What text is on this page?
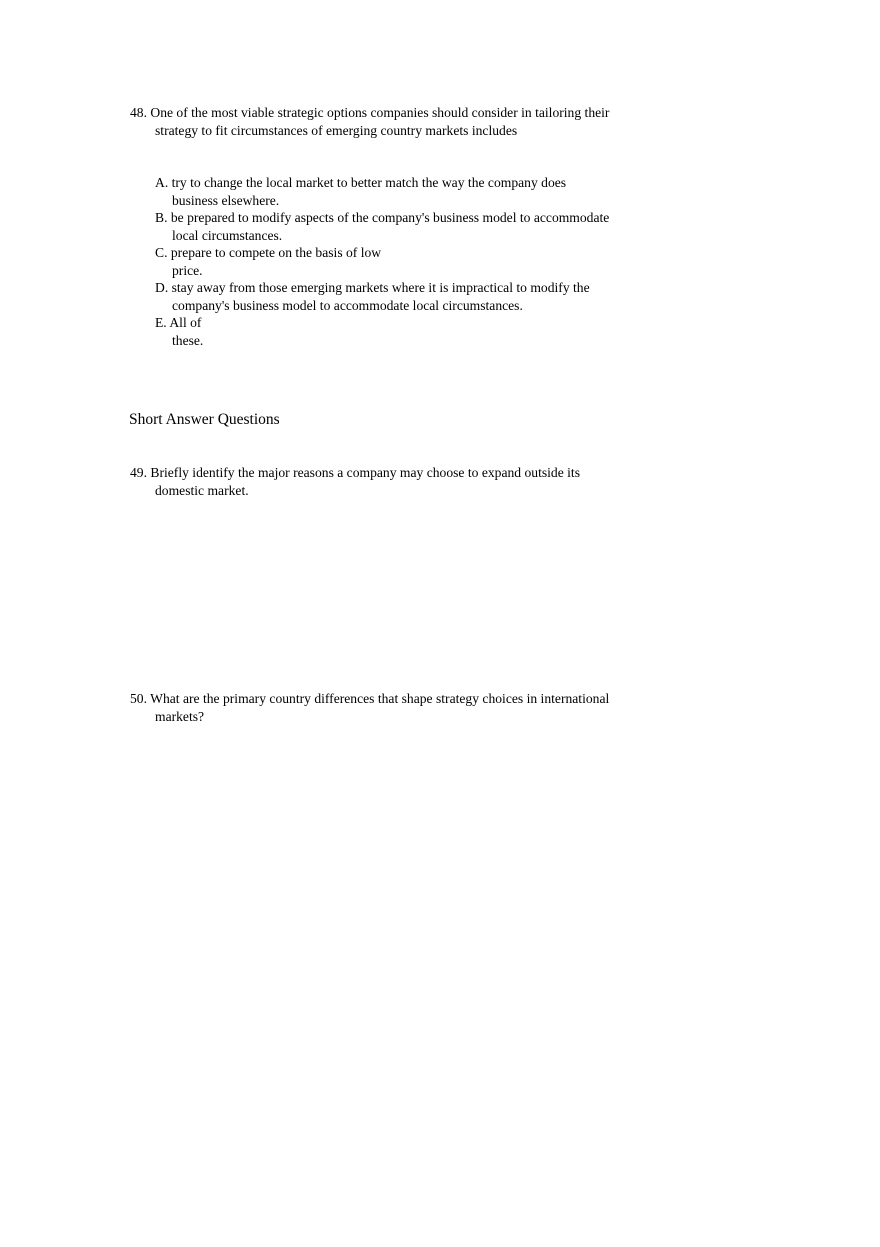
48. One of the most viable strategic options companies should consider in tailoring their
strategy to fit circumstances of emerging country markets includes
A. try to change the local market to better match the way the company does
business elsewhere.
B. be prepared to modify aspects of the company's business model to accommodate
local circumstances.
C. prepare to compete on the basis of low
price.
D. stay away from those emerging markets where it is impractical to modify the
company's business model to accommodate local circumstances.
E. All of
these.
Short Answer Questions
49. Briefly identify the major reasons a company may choose to expand outside its
domestic market.
50. What are the primary country differences that shape strategy choices in international
markets?
